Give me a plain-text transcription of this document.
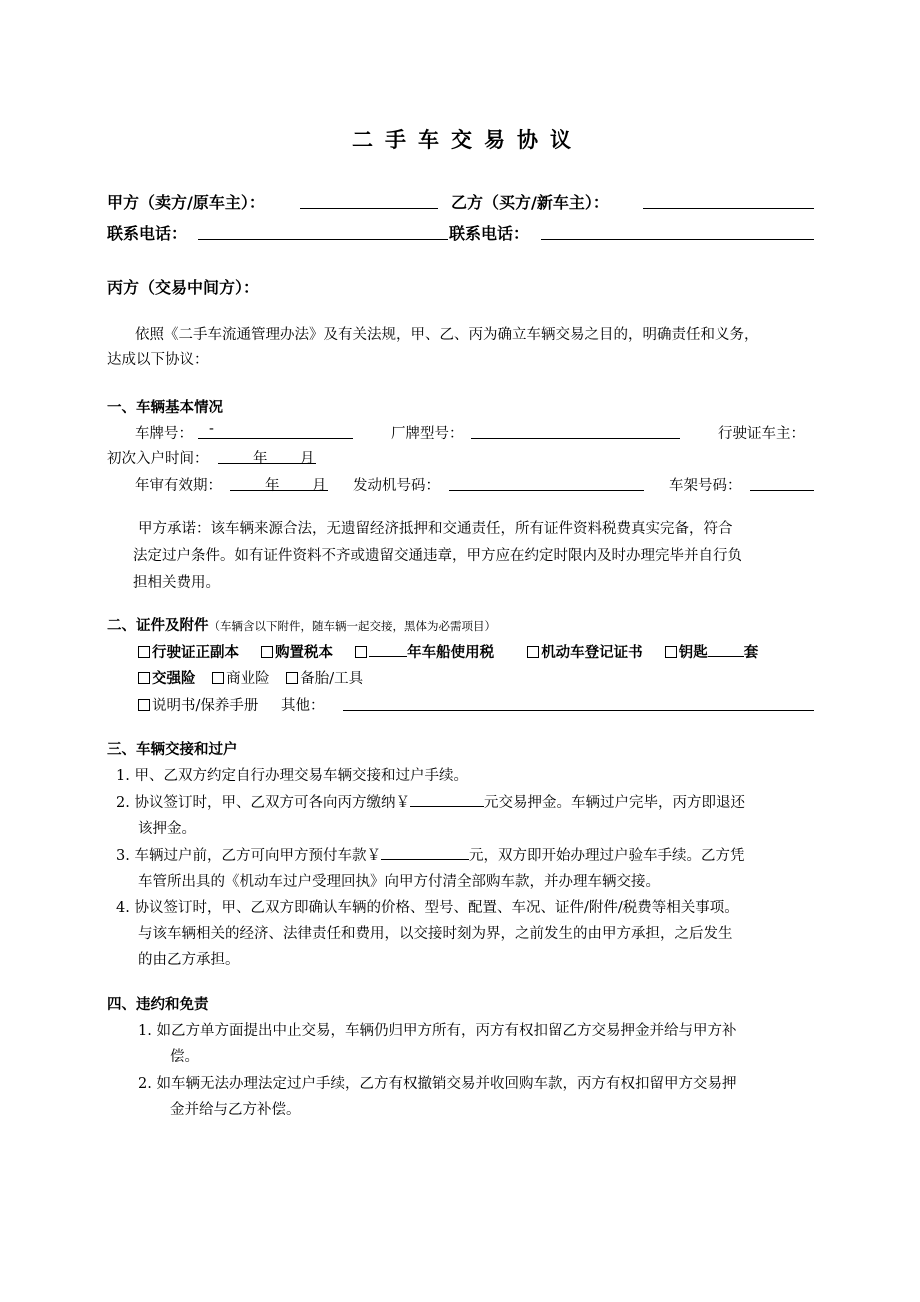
二手车交易协议
甲方（卖方/原车主）：	乙方（买方/新车主）：
联系电话：	联系电话：
丙方（交易中间方）：
依照《二手车流通管理办法》及有关法规，甲、乙、丙为确立车辆交易之目的，明确责任和义务，
达成以下协议：
一、车辆基本情况
车牌号： -	厂牌型号：	行驶证车主：
初次入户时间：	年 月
年审有效期：	年 月 发动机号码：	车架号码：
甲方承诺：该车辆来源合法，无遗留经济抵押和交通责任，所有证件资料税费真实完备，符合
法定过户条件。如有证件资料不齐或遗留交通违章，甲方应在约定时限内及时办理完毕并自行负
担相关费用。
二、证件及附件（车辆含以下附件，随车辆一起交接，黑体为必需项目）
行驶证正副本 购置税本	年车船使用税	机动车登记证书 钥匙 套
交强险 商业险 备胎/工具
说明书/保养手册 其他：
三、车辆交接和过户
1. 甲、乙双方约定自行办理交易车辆交接和过户手续。
2. 协议签订时，甲、乙双方可各向丙方缴纳￥	元交易押金。车辆过户完毕，丙方即退还
该押金。
3. 车辆过户前，乙方可向甲方预付车款￥	元，双方即开始办理过户验车手续。乙方凭
车管所出具的《机动车过户受理回执》向甲方付清全部购车款，并办理车辆交接。
4. 协议签订时，甲、乙双方即确认车辆的价格、型号、配置、车况、证件/附件/税费等相关事项。
与该车辆相关的经济、法律责任和费用，以交接时刻为界，之前发生的由甲方承担，之后发生
的由乙方承担。
四、违约和免责
1. 如乙方单方面提出中止交易，车辆仍归甲方所有，丙方有权扣留乙方交易押金并给与甲方补
偿。
2. 如车辆无法办理法定过户手续，乙方有权撤销交易并收回购车款，丙方有权扣留甲方交易押
金并给与乙方补偿。
